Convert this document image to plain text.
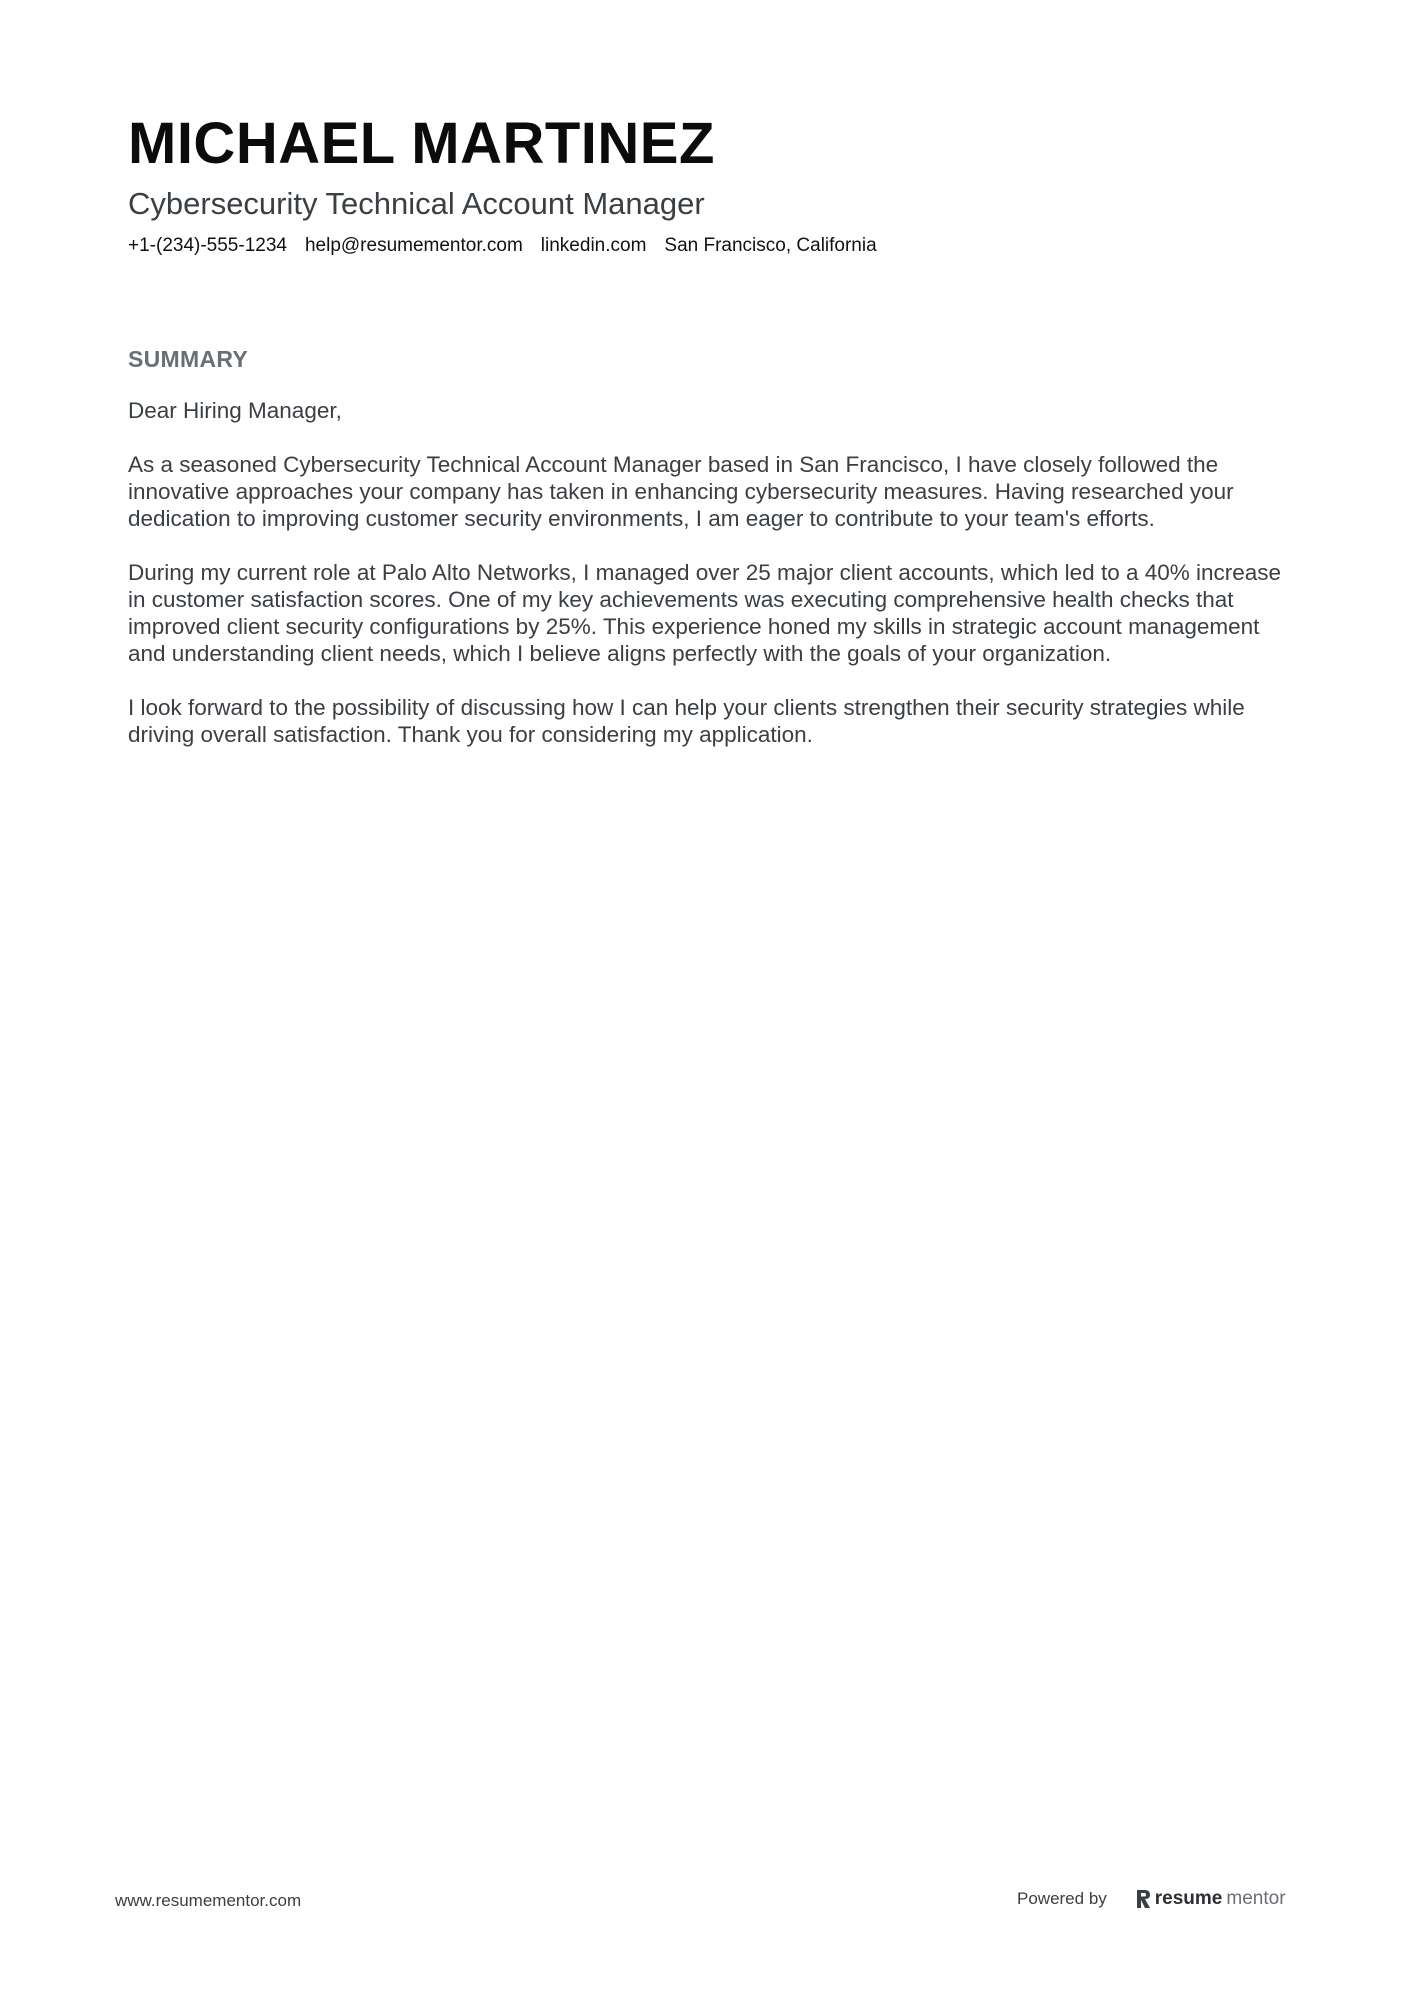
MICHAEL MARTINEZ
Cybersecurity Technical Account Manager
+1-(234)-555-1234 help@resumementor.com linkedin.com San Francisco, California
SUMMARY

Dear Hiring Manager,

As a seasoned Cybersecurity Technical Account Manager based in San Francisco, I have closely followed the innovative approaches your company has taken in enhancing cybersecurity measures. Having researched your dedication to improving customer security environments, I am eager to contribute to your team's efforts.

During my current role at Palo Alto Networks, I managed over 25 major client accounts, which led to a 40% increase in customer satisfaction scores. One of my key achievements was executing comprehensive health checks that improved client security configurations by 25%. This experience honed my skills in strategic account management and understanding client needs, which I believe aligns perfectly with the goals of your organization.

I look forward to the possibility of discussing how I can help your clients strengthen their security strategies while driving overall satisfaction. Thank you for considering my application.

www.resumementor.com	Powered by	resume mentor
